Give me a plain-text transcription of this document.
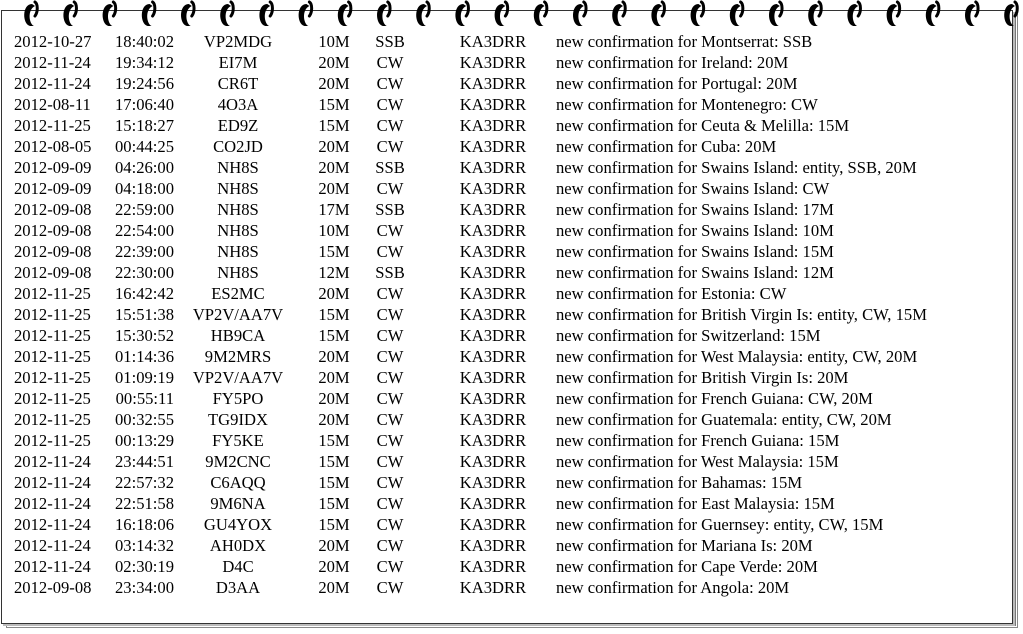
2012-10-27	18:40:02	VP2MDG	10M	SSB	KA3DRR	new confirmation for Montserrat: SSB
2012-11-24	19:34:12	EI7M	20M	CW	KA3DRR	new confirmation for Ireland: 20M
2012-11-24	19:24:56	CR6T	20M	CW	KA3DRR	new confirmation for Portugal: 20M
2012-08-11	17:06:40	4O3A	15M	CW	KA3DRR	new confirmation for Montenegro: CW
2012-11-25	15:18:27	ED9Z	15M	CW	KA3DRR	new confirmation for Ceuta & Melilla: 15M
2012-08-05	00:44:25	CO2JD	20M	CW	KA3DRR	new confirmation for Cuba: 20M
2012-09-09	04:26:00	NH8S	20M	SSB	KA3DRR	new confirmation for Swains Island: entity, SSB, 20M
2012-09-09	04:18:00	NH8S	20M	CW	KA3DRR	new confirmation for Swains Island: CW
2012-09-08	22:59:00	NH8S	17M	SSB	KA3DRR	new confirmation for Swains Island: 17M
2012-09-08	22:54:00	NH8S	10M	CW	KA3DRR	new confirmation for Swains Island: 10M
2012-09-08	22:39:00	NH8S	15M	CW	KA3DRR	new confirmation for Swains Island: 15M
2012-09-08	22:30:00	NH8S	12M	SSB	KA3DRR	new confirmation for Swains Island: 12M
2012-11-25	16:42:42	ES2MC	20M	CW	KA3DRR	new confirmation for Estonia: CW
2012-11-25	15:51:38	VP2V/AA7V	15M	CW	KA3DRR	new confirmation for British Virgin Is: entity, CW, 15M
2012-11-25	15:30:52	HB9CA	15M	CW	KA3DRR	new confirmation for Switzerland: 15M
2012-11-25	01:14:36	9M2MRS	20M	CW	KA3DRR	new confirmation for West Malaysia: entity, CW, 20M
2012-11-25	01:09:19	VP2V/AA7V	20M	CW	KA3DRR	new confirmation for British Virgin Is: 20M
2012-11-25	00:55:11	FY5PO	20M	CW	KA3DRR	new confirmation for French Guiana: CW, 20M
2012-11-25	00:32:55	TG9IDX	20M	CW	KA3DRR	new confirmation for Guatemala: entity, CW, 20M
2012-11-25	00:13:29	FY5KE	15M	CW	KA3DRR	new confirmation for French Guiana: 15M
2012-11-24	23:44:51	9M2CNC	15M	CW	KA3DRR	new confirmation for West Malaysia: 15M
2012-11-24	22:57:32	C6AQQ	15M	CW	KA3DRR	new confirmation for Bahamas: 15M
2012-11-24	22:51:58	9M6NA	15M	CW	KA3DRR	new confirmation for East Malaysia: 15M
2012-11-24	16:18:06	GU4YOX	15M	CW	KA3DRR	new confirmation for Guernsey: entity, CW, 15M
2012-11-24	03:14:32	AH0DX	20M	CW	KA3DRR	new confirmation for Mariana Is: 20M
2012-11-24	02:30:19	D4C	20M	CW	KA3DRR	new confirmation for Cape Verde: 20M
2012-09-08	23:34:00	D3AA	20M	CW	KA3DRR	new confirmation for Angola: 20M
